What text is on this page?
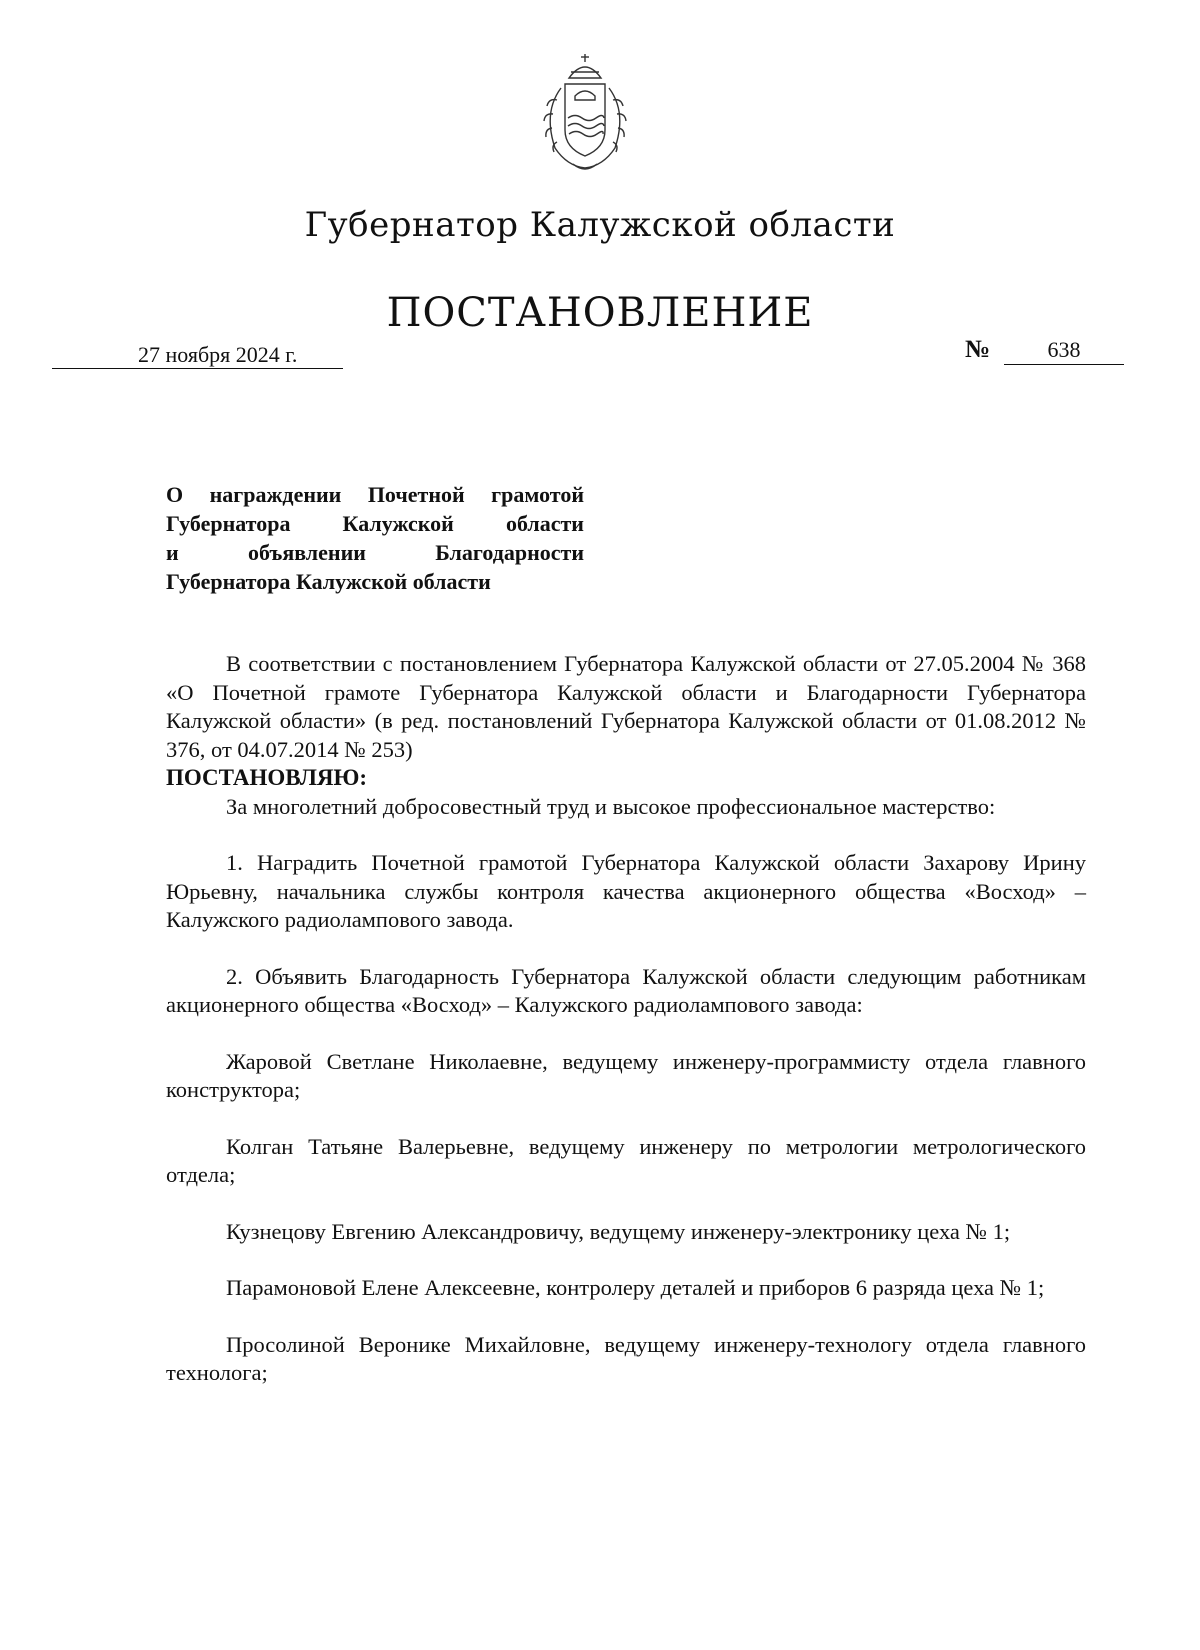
Губернатор Калужской области
ПОСТАНОВЛЕНИЕ
27 ноября 2024 г.	№	638
О награждении Почетной грамотой
Губернатора Калужской области
и объявлении Благодарности
Губернатора Калужской области

В соответствии с постановлением Губернатора Калужской области от 27.05.2004 № 368 «О Почетной грамоте Губернатора Калужской области и Благодарности Губернатора Калужской области» (в ред. постановлений Губернатора Калужской области от 01.08.2012 № 376, от 04.07.2014 № 253)

ПОСТАНОВЛЯЮ:

За многолетний добросовестный труд и высокое профессиональное мастерство:

1. Наградить Почетной грамотой Губернатора Калужской области Захарову Ирину Юрьевну, начальника службы контроля качества акционерного общества «Восход» – Калужского радиолампового завода.

2. Объявить Благодарность Губернатора Калужской области следующим работникам акционерного общества «Восход» – Калужского радиолампового завода:

Жаровой Светлане Николаевне, ведущему инженеру-программисту отдела главного конструктора;

Колган Татьяне Валерьевне, ведущему инженеру по метрологии метрологического отдела;

Кузнецову Евгению Александровичу, ведущему инженеру-электронику цеха № 1;

Парамоновой Елене Алексеевне, контролеру деталей и приборов 6 разряда цеха № 1;

Просолиной Веронике Михайловне, ведущему инженеру-технологу отдела главного технолога;
